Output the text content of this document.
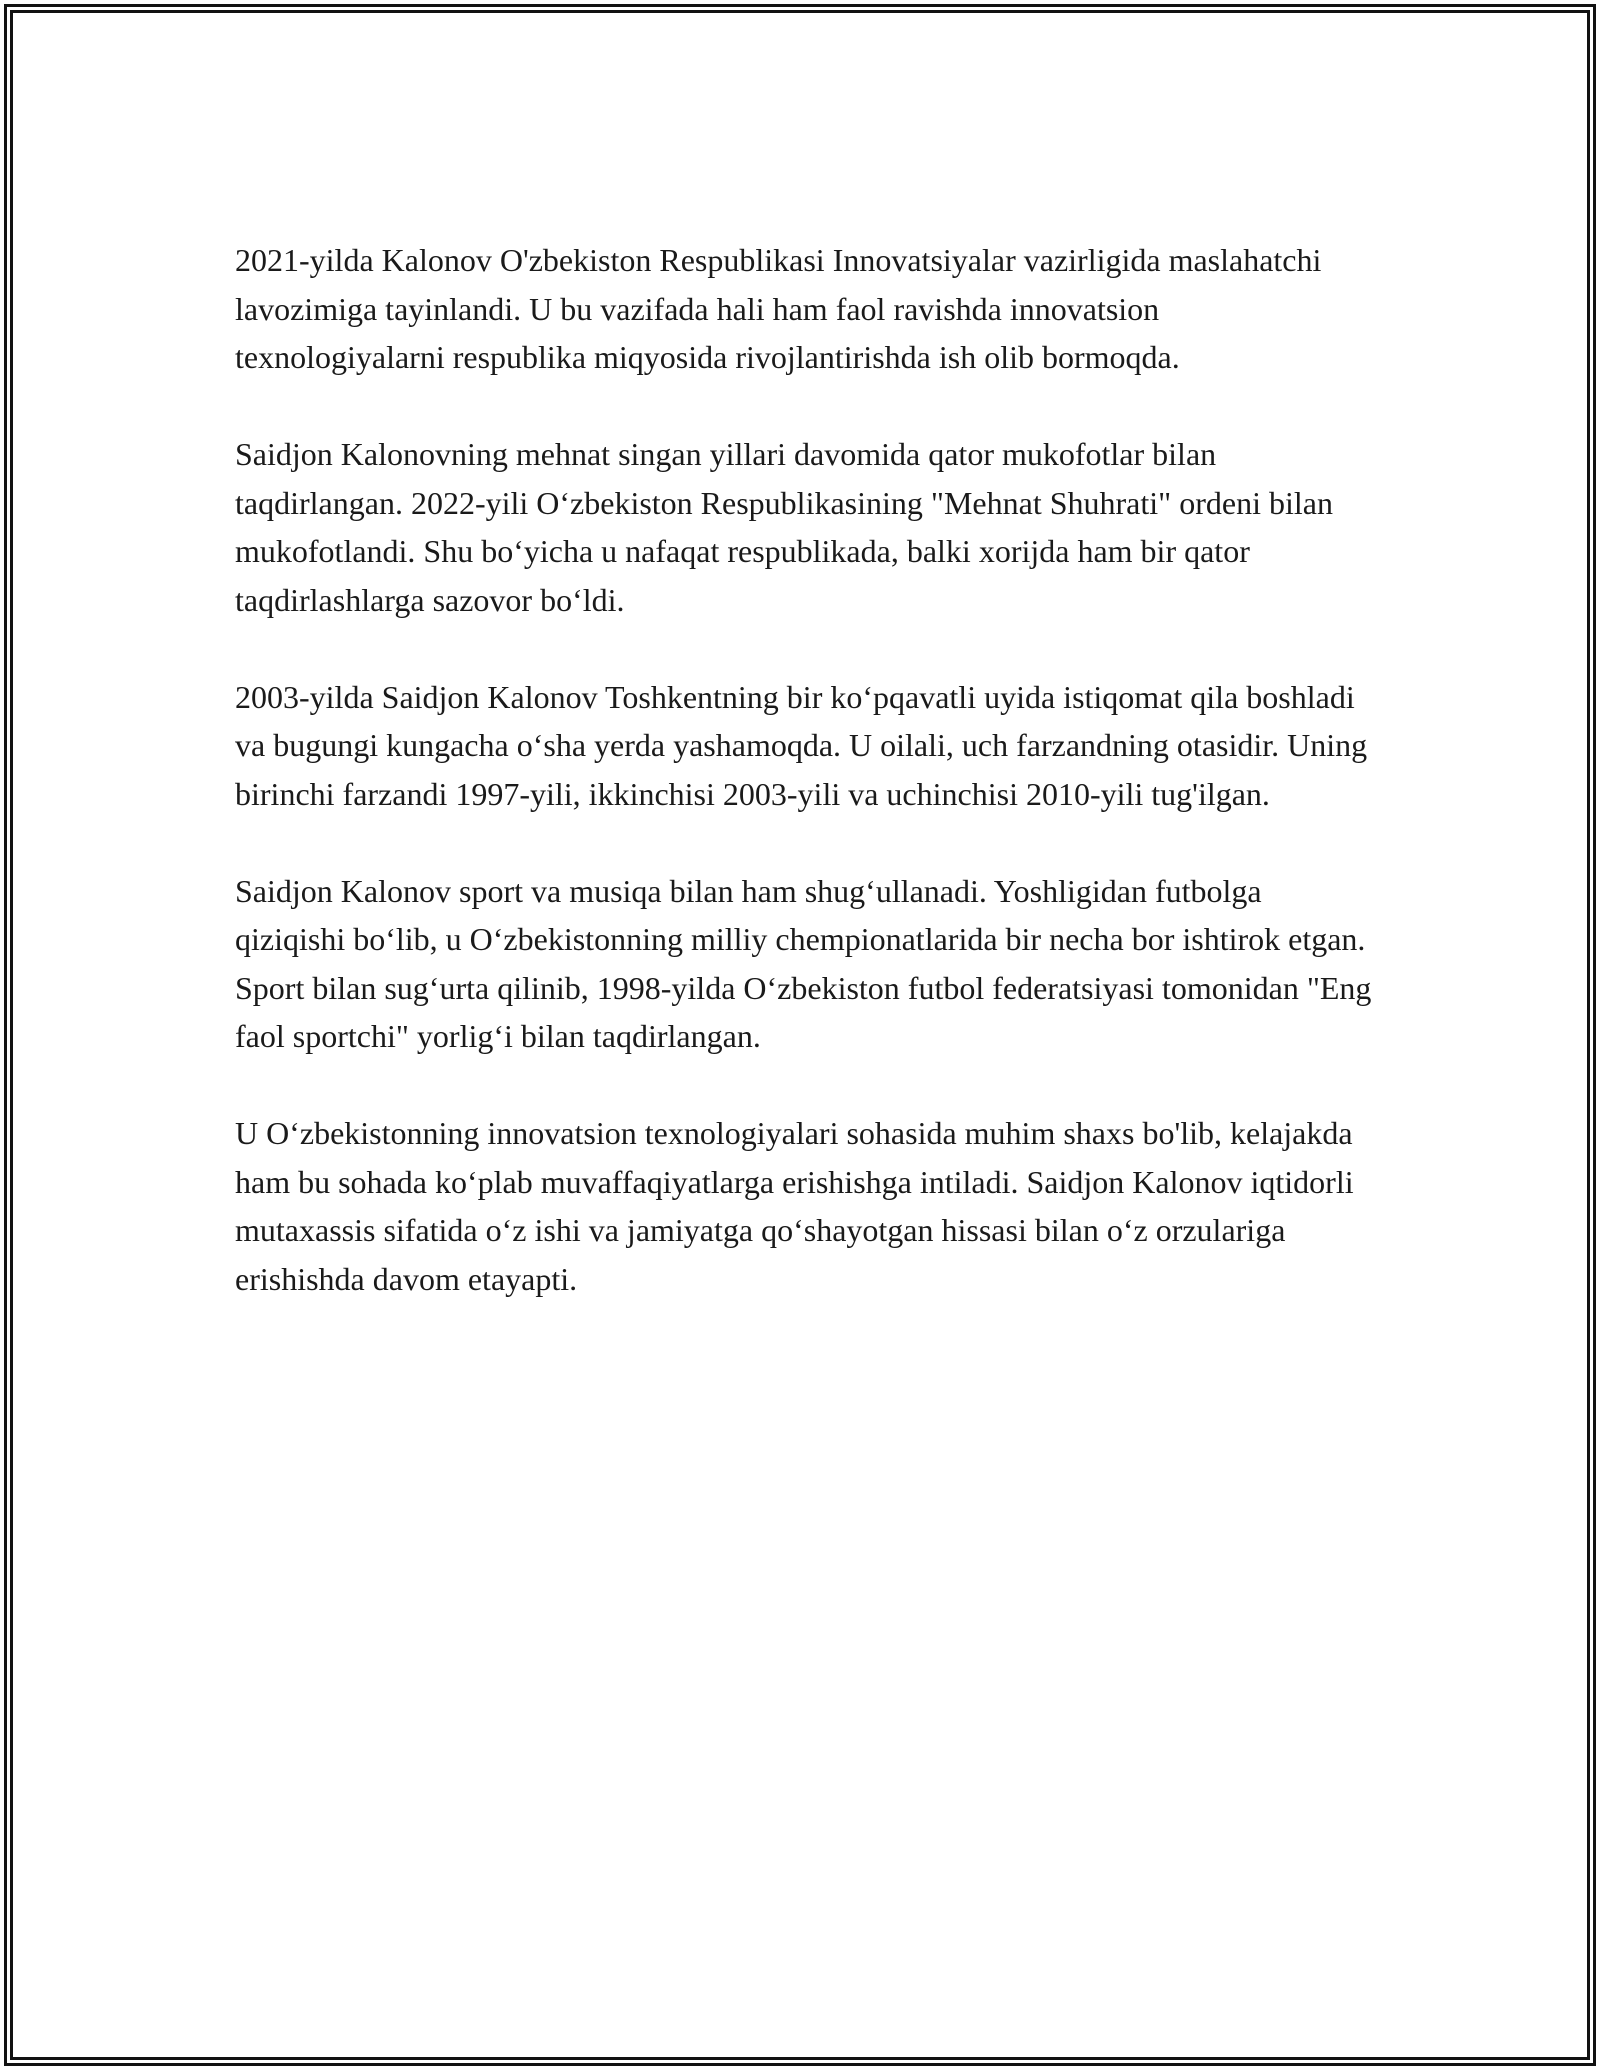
2021-yilda Kalonov O'zbekiston Respublikasi Innovatsiyalar vazirligida maslahatchi lavozimiga tayinlandi. U bu vazifada hali ham faol ravishda innovatsion texnologiyalarni respublika miqyosida rivojlantirishda ish olib bormoqda.

Saidjon Kalonovning mehnat singan yillari davomida qator mukofotlar bilan taqdirlangan. 2022-yili O‘zbekiston Respublikasining "Mehnat Shuhrati" ordeni bilan mukofotlandi. Shu bo‘yicha u nafaqat respublikada, balki xorijda ham bir qator taqdirlashlarga sazovor bo‘ldi.

2003-yilda Saidjon Kalonov Toshkentning bir ko‘pqavatli uyida istiqomat qila boshladi va bugungi kungacha o‘sha yerda yashamoqda. U oilali, uch farzandning otasidir. Uning birinchi farzandi 1997-yili, ikkinchisi 2003-yili va uchinchisi 2010-yili tug'ilgan.

Saidjon Kalonov sport va musiqa bilan ham shug‘ullanadi. Yoshligidan futbolga qiziqishi bo‘lib, u O‘zbekistonning milliy chempionatlarida bir necha bor ishtirok etgan. Sport bilan sug‘urta qilinib, 1998-yilda O‘zbekiston futbol federatsiyasi tomonidan "Eng faol sportchi" yorlig‘i bilan taqdirlangan.

U O‘zbekistonning innovatsion texnologiyalari sohasida muhim shaxs bo'lib, kelajakda ham bu sohada ko‘plab muvaffaqiyatlarga erishishga intiladi. Saidjon Kalonov iqtidorli mutaxassis sifatida o‘z ishi va jamiyatga qo‘shayotgan hissasi bilan o‘z orzulariga erishishda davom etayapti.
